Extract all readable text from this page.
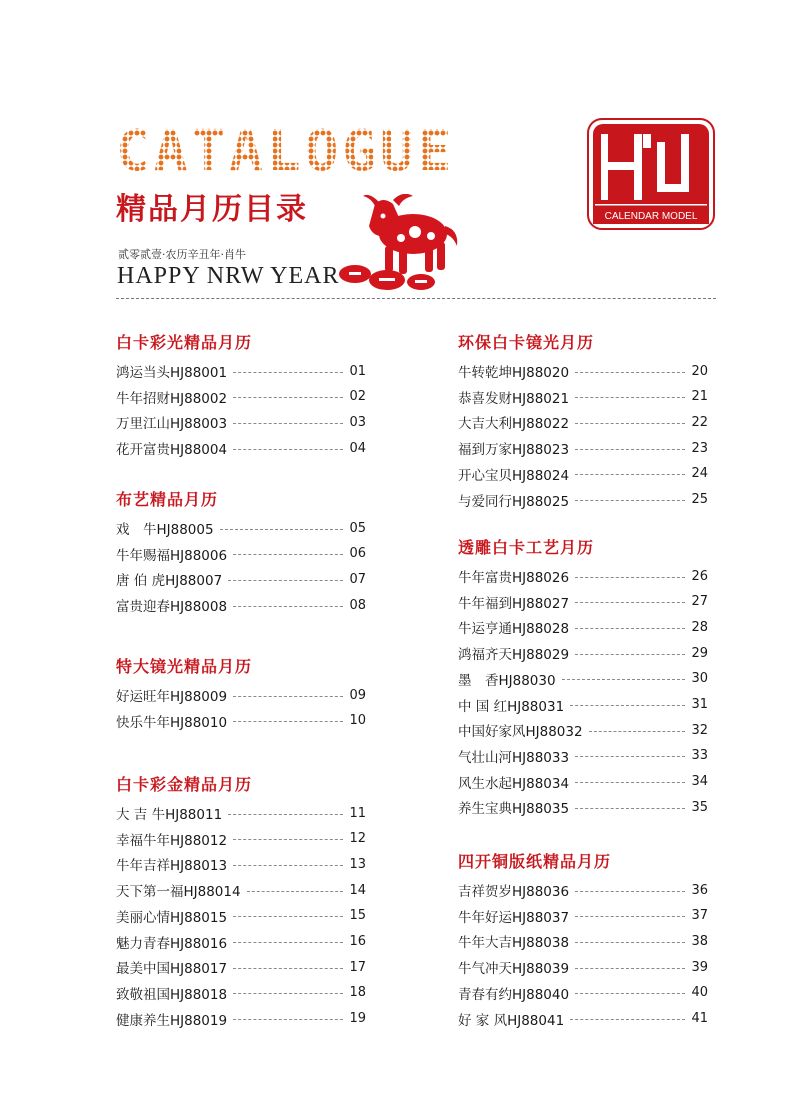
CATALOGUE
精品月历目录
贰零贰壹·农历辛丑年·肖牛
HAPPY NRW YEAR
CALENDAR MODEL
白卡彩光精品月历
鸿运当头HJ88001	01
牛年招财HJ88002	02
万里江山HJ88003	03
花开富贵HJ88004	04
布艺精品月历
戏　牛HJ88005	05
牛年赐福HJ88006	06
唐 伯 虎HJ88007	07
富贵迎春HJ88008	08
特大镜光精品月历
好运旺年HJ88009	09
快乐牛年HJ88010	10
白卡彩金精品月历
大 吉 牛HJ88011	11
幸福牛年HJ88012	12
牛年吉祥HJ88013	13
天下第一福HJ88014	14
美丽心情HJ88015	15
魅力青春HJ88016	16
最美中国HJ88017	17
致敬祖国HJ88018	18
健康养生HJ88019	19
环保白卡镜光月历
牛转乾坤HJ88020	20
恭喜发财HJ88021	21
大吉大利HJ88022	22
福到万家HJ88023	23
开心宝贝HJ88024	24
与爱同行HJ88025	25
透雕白卡工艺月历
牛年富贵HJ88026	26
牛年福到HJ88027	27
牛运亨通HJ88028	28
鸿福齐天HJ88029	29
墨　香HJ88030	30
中 国 红HJ88031	31
中国好家风HJ88032	32
气壮山河HJ88033	33
风生水起HJ88034	34
养生宝典HJ88035	35
四开铜版纸精品月历
吉祥贺岁HJ88036	36
牛年好运HJ88037	37
牛年大吉HJ88038	38
牛气冲天HJ88039	39
青春有约HJ88040	40
好 家 风HJ88041	41
